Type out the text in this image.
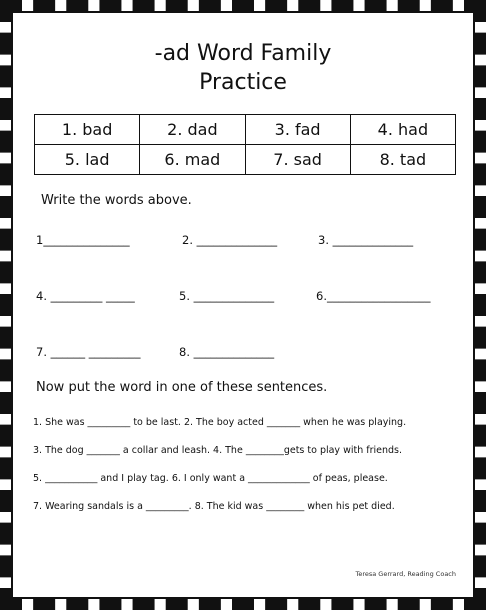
-ad Word Family
Practice
1. bad	2. dad	3. fad	4. had
5. lad	6. mad	7. sad	8. tad
Write the words above.
1_______________	2. ______________	3. ______________
4. _________ _____	5. ______________	6.__________________
7. ______ _________	8. ______________
Now put the word in one of these sentences.
1. She was _________ to be last. 2. The boy acted _______ when he was playing.
3. The dog _______ a collar and leash. 4. The ________gets to play with friends.
5. ___________ and I play tag. 6. I only want a _____________ of peas, please.
7. Wearing sandals is a _________. 8. The kid was ________ when his pet died.
Teresa Gerrard, Reading Coach
